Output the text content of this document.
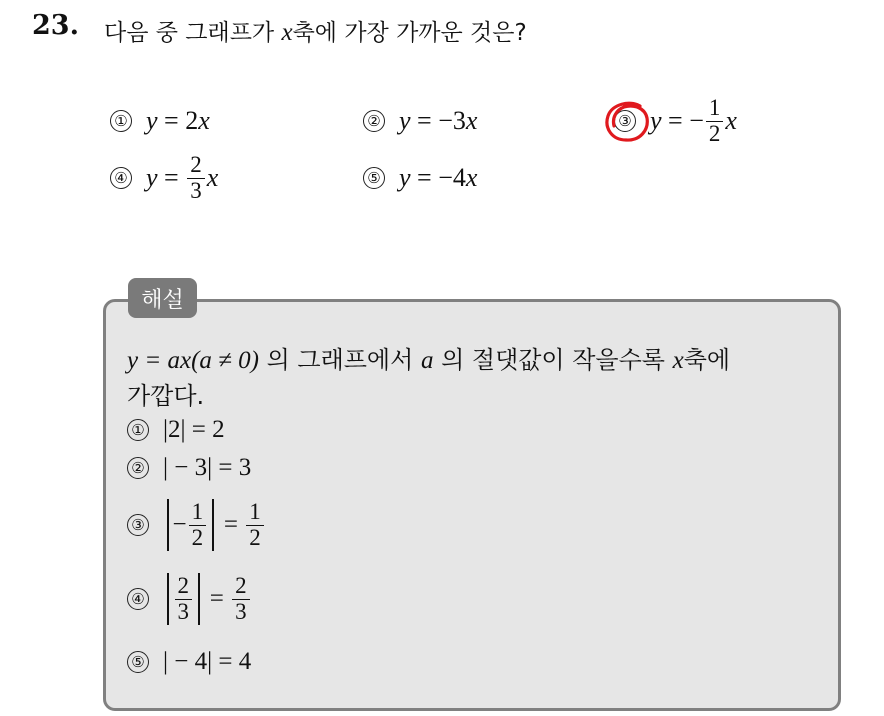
23. 다음 중 그래프가 x축에 가장 가까운 것은?
① y
=
2 x	② y
=
−3 x	③ y
=
− $\frac{1}{2}$ x
④ y
=
$\frac{2}{3}$ x	⑤ y
=
−4 x
해설
y = ax(a ≠ 0) 의 그래프에서 a 의 절댓값이 작을수록 x축에
가깝다.
① |2| = 2
② | − 3| = 3
③ − $\frac{1}{2} = \frac{1}{2}$
④ $\frac{2}{3} = \frac{2}{3}$
⑤ | − 4| = 4
